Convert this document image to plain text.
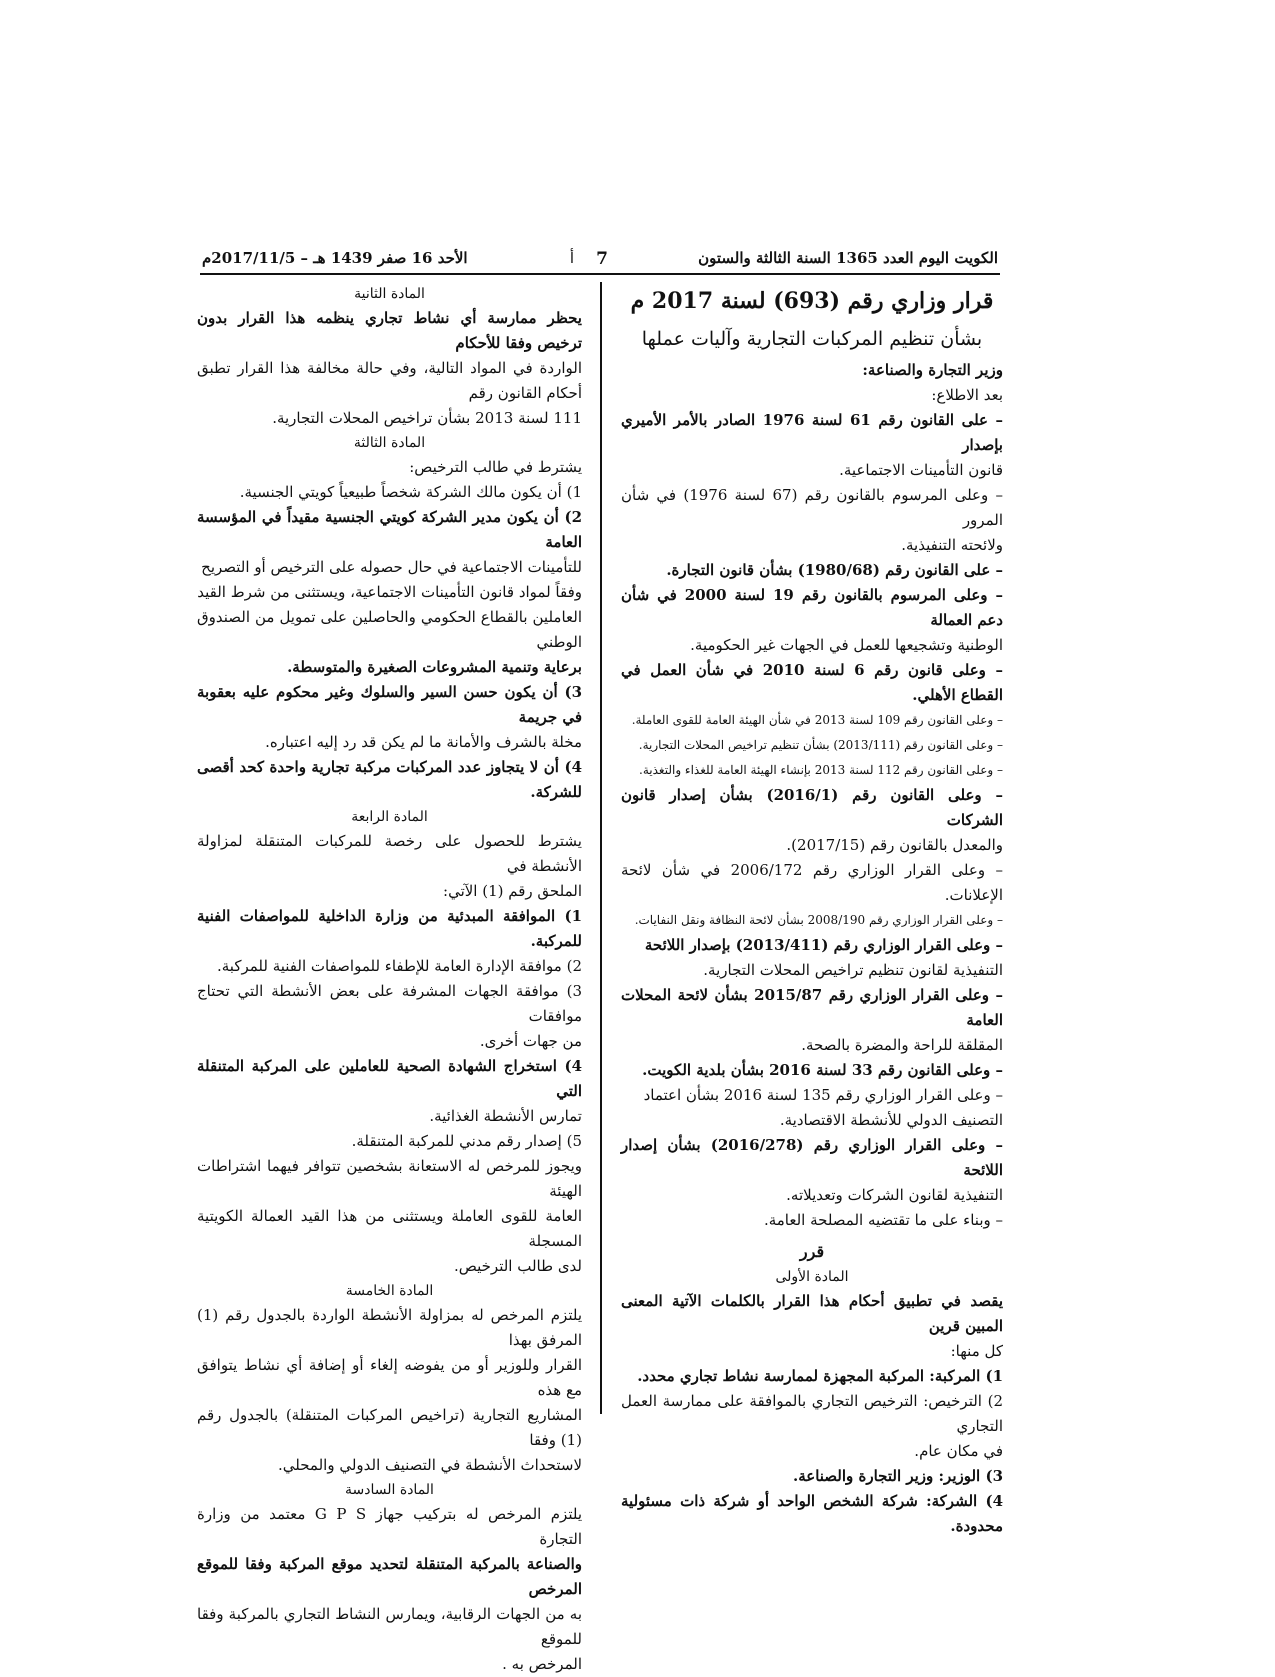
الكويت اليوم العدد 1365 السنة الثالثة والستون
7
أ
الأحد 16 صفر 1439 هـ – 2017/11/5م

قرار وزاري رقم (693) لسنة 2017 م

بشأن تنظيم المركبات التجارية وآليات عملها

وزير التجارة والصناعة:

بعد الاطلاع:

– على القانون رقم 61 لسنة 1976 الصادر بالأمر الأميري بإصدار

قانون التأمينات الاجتماعية.

– وعلى المرسوم بالقانون رقم (67 لسنة 1976) في شأن المرور

ولائحته التنفيذية.

– على القانون رقم (1980/68) بشأن قانون التجارة.

– وعلى المرسوم بالقانون رقم 19 لسنة 2000 في شأن دعم العمالة

الوطنية وتشجيعها للعمل في الجهات غير الحكومية.

– وعلى قانون رقم 6 لسنة 2010 في شأن العمل في القطاع الأهلي.

– وعلى القانون رقم 109 لسنة 2013 في شأن الهيئة العامة للقوى العاملة.

– وعلى القانون رقم (2013/111) بشأن تنظيم تراخيص المحلات التجارية.

– وعلى القانون رقم 112 لسنة 2013 بإنشاء الهيئة العامة للغذاء والتغذية.

– وعلى القانون رقم (2016/1) بشأن إصدار قانون الشركات

والمعدل بالقانون رقم (2017/15).

– وعلى القرار الوزاري رقم 2006/172 في شأن لائحة الإعلانات.

– وعلى القرار الوزاري رقم 2008/190 بشأن لائحة النظافة ونقل النفايات.

– وعلى القرار الوزاري رقم (2013/411) بإصدار اللائحة

التنفيذية لقانون تنظيم تراخيص المحلات التجارية.

– وعلى القرار الوزاري رقم 2015/87 بشأن لائحة المحلات العامة

المقلقة للراحة والمضرة بالصحة.

– وعلى القانون رقم 33 لسنة 2016 بشأن بلدية الكويت.

– وعلى القرار الوزاري رقم 135 لسنة 2016 بشأن اعتماد

التصنيف الدولي للأنشطة الاقتصادية.

– وعلى القرار الوزاري رقم (2016/278) بشأن إصدار اللائحة

التنفيذية لقانون الشركات وتعديلاته.

– وبناء على ما تقتضيه المصلحة العامة.

قرر

المادة الأولى

يقصد في تطبيق أحكام هذا القرار بالكلمات الآتية المعنى المبين قرين

كل منها:

1) المركبة: المركبة المجهزة لممارسة نشاط تجاري محدد.

2) الترخيص: الترخيص التجاري بالموافقة على ممارسة العمل التجاري

في مكان عام.

3) الوزير: وزير التجارة والصناعة.

4) الشركة: شركة الشخص الواحد أو شركة ذات مسئولية محدودة.

المادة الثانية

يحظر ممارسة أي نشاط تجاري ينظمه هذا القرار بدون ترخيص وفقا للأحكام

الواردة في المواد التالية، وفي حالة مخالفة هذا القرار تطبق أحكام القانون رقم

111 لسنة 2013 بشأن تراخيص المحلات التجارية.

المادة الثالثة

يشترط في طالب الترخيص:

1) أن يكون مالك الشركة شخصاً طبيعياً كويتي الجنسية.

2) أن يكون مدير الشركة كويتي الجنسية مقيداً في المؤسسة العامة

للتأمينات الاجتماعية في حال حصوله على الترخيص أو التصريح

وفقاً لمواد قانون التأمينات الاجتماعية، ويستثنى من شرط القيد

العاملين بالقطاع الحكومي والحاصلين على تمويل من الصندوق الوطني

برعاية وتنمية المشروعات الصغيرة والمتوسطة.

3) أن يكون حسن السير والسلوك وغير محكوم عليه بعقوبة في جريمة

مخلة بالشرف والأمانة ما لم يكن قد رد إليه اعتباره.

4) أن لا يتجاوز عدد المركبات مركبة تجارية واحدة كحد أقصى للشركة.

المادة الرابعة

يشترط للحصول على رخصة للمركبات المتنقلة لمزاولة الأنشطة في

الملحق رقم (1) الآتي:

1) الموافقة المبدئية من وزارة الداخلية للمواصفات الفنية للمركبة.

2) موافقة الإدارة العامة للإطفاء للمواصفات الفنية للمركبة.

3) موافقة الجهات المشرفة على بعض الأنشطة التي تحتاج موافقات

من جهات أخرى.

4) استخراج الشهادة الصحية للعاملين على المركبة المتنقلة التي

تمارس الأنشطة الغذائية.

5) إصدار رقم مدني للمركبة المتنقلة.

ويجوز للمرخص له الاستعانة بشخصين تتوافر فيهما اشتراطات الهيئة

العامة للقوى العاملة ويستثنى من هذا القيد العمالة الكويتية المسجلة

لدى طالب الترخيص.

المادة الخامسة

يلتزم المرخص له بمزاولة الأنشطة الواردة بالجدول رقم (1) المرفق بهذا

القرار وللوزير أو من يفوضه إلغاء أو إضافة أي نشاط يتوافق مع هذه

المشاريع التجارية (تراخيص المركبات المتنقلة) بالجدول رقم (1) وفقا

لاستحداث الأنشطة في التصنيف الدولي والمحلي.

المادة السادسة

يلتزم المرخص له بتركيب جهاز G P S معتمد من وزارة التجارة

والصناعة بالمركبة المتنقلة لتحديد موقع المركبة وفقا للموقع المرخص

به من الجهات الرقابية، ويمارس النشاط التجاري بالمركبة وفقا للموقع

المرخص به .
